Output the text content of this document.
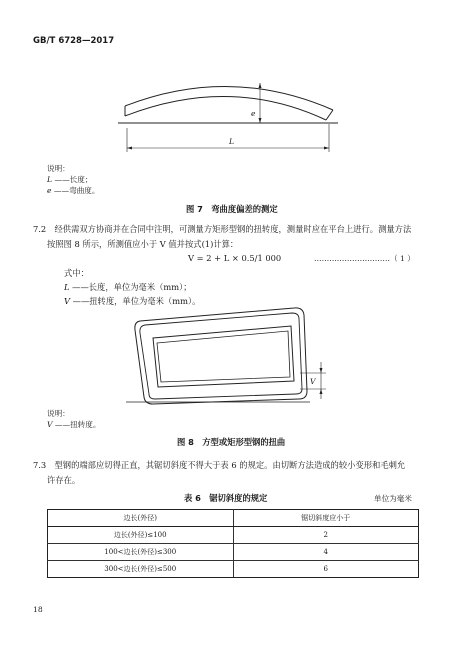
GB/T 6728—2017
e
L
说明：
L ——长度；
e ——弯曲度。
图 7　弯曲度偏差的测定
7.2　经供需双方协商并在合同中注明，可测量方矩形型钢的扭转度，测量时应在平台上进行。测量方法
按照图 8 所示，所测值应小于 V 值并按式(1)计算：
V = 2 + L × 0.5/1 000	…………………………（ 1 ）
式中：
L ——长度，单位为毫米（mm）；
V ——扭转度，单位为毫米（mm）。
V
说明：
V ——扭转度。
图 8　方型或矩形型钢的扭曲
7.3　型钢的端部应切得正直，其锯切斜度不得大于表 6 的规定。由切断方法造成的较小变形和毛刺允
许存在。
表 6　锯切斜度的规定	单位为毫米
边长(外径)	锯切斜度应小于
边长(外径)≤100	2
100<边长(外径)≤300	4
300<边长(外径)≤500	6
18
